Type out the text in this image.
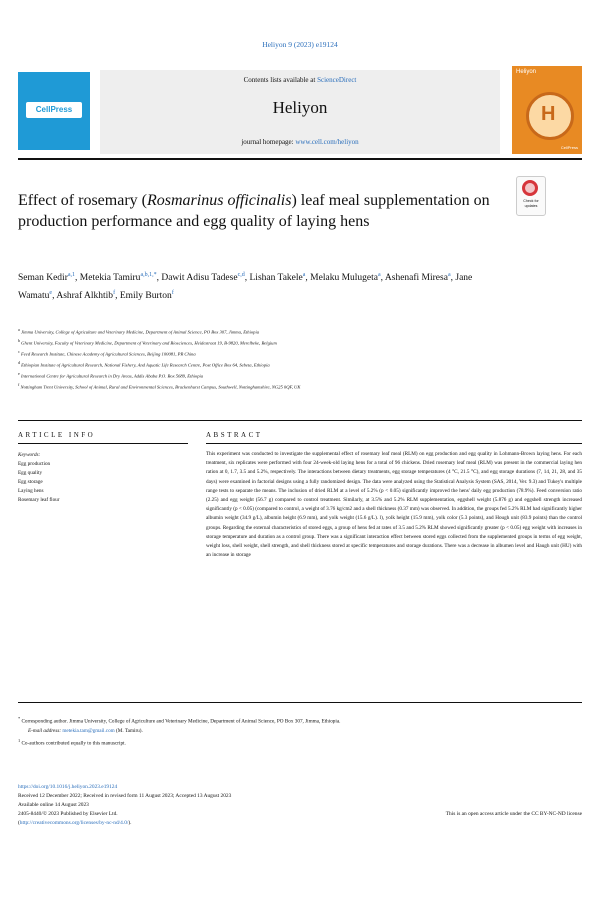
Heliyon 9 (2023) e19124
CellPress
Contents lists available at ScienceDirect
Heliyon
journal homepage: www.cell.com/heliyon
Heliyon
H
CellPress
Effect of rosemary (Rosmarinus officinalis) leaf meal supplementation on production performance and egg quality of laying hens
Check for updates
Seman Kedir$^{a,1}$, Metekia Tamiru$^{a,b,1,*}$, Dawit Adisu Tadese$^{c,d}$, Lishan Takele$^a$, Melaku Mulugeta$^a$, Ashenafi Miresa$^a$, Jane Wamatu$^e$, Ashraf Alkhtib$^f$, Emily Burton$^f$
$^a$ Jimma University, College of Agriculture and Veterinary Medicine, Department of Animal Science, PO Box 307, Jimma, Ethiopia
$^b$ Ghent University, Faculty of Veterinary Medicine, Department of Veterinary and Biosciences, Heidestraat 19, B-9820, Merelbeke, Belgium
$^c$ Feed Research Institute, Chinese Academy of Agricultural Sciences, Beijing 100081, PR China
$^d$ Ethiopian Institute of Agricultural Research, National Fishery, And Aquatic Life Research Centre, Post Office Box 64, Sebeta, Ethiopia
$^e$ International Centre for Agricultural Research in Dry Areas, Addis Ababa P.O. Box 5689, Ethiopia
$^f$ Nottingham Trent University, School of Animal, Rural and Environmental Sciences, Brackenhurst Campus, Southwell, Nottinghamshire, NG25 0QF, UK
ARTICLE INFO	ABSTRACT
Keywords:
Egg production
Egg quality
Egg storage
Laying hens
Rosemary leaf flour
This experiment was conducted to investigate the supplemental effect of rosemary leaf meal (RLM) on egg production and egg quality in Lohmann-Brown laying hens. For each treatment, six replicates were performed with four 24-week-old laying hens for a total of 96 chickens. Dried rosemary leaf meal (RLM) was present in the commercial laying hen ration at 0, 1.7, 3.5 and 5.2%, respectively. The interactions between dietary treatments, egg storage temperatures (4 °C, 21.5 °C), and egg storage durations (7, 14, 21, 28, and 35 days) were examined in factorial designs using a fully randomized design. The data were analyzed using the Statistical Analysis System (SAS, 2014, Ver. 9.3) and Tukey's multiple range tests to separate the means. The inclusion of dried RLM at a level of 5.2% (p < 0.05) significantly improved the hens' daily egg production (78.9%). Feed conversion ratio (2.25) and egg weight (56.7 g) compared to control treatment. Similarly, at 3.5% and 5.2% RLM supplementation, eggshell weight (5.876 g) and eggshell strength increased significantly (p < 0.05) (compared to control, a weight of 3.76 kg/cm2 and a shell thickness (0.37 mm) was observed. In addition, the groups fed 5.2% RLM had significantly higher albumin weight (34.9 g/L), albumin height (6.9 mm), and yolk weight (15.6 g/L). l), yolk height (15.9 mm), yolk color (5.3 points), and Hough unit (83.9 points) than the control groups. Regarding the external characteristics of stored eggs, a group of hens fed at rates of 3.5 and 5.2% RLM showed significantly greater (p < 0.05) egg weight with increases in storage temperature and duration as a control group. There was a significant interaction effect between stored eggs collected from the supplemented groups in terms of egg weight, weight loss, shell weight, shell strength, and shell thickness stored at specific temperatures and storage durations. There was a decrease in albumen level and Haugh unit (HU) with an increase in storage

* Corresponding author. Jimma University, College of Agriculture and Veterinary Medicine, Department of Animal Science, PO Box 307, Jimma, Ethiopia.

E-mail address: metekia.tam@gmail.com (M. Tamiru).

$^1$ Co-authors contributed equally to this manuscript.

https://doi.org/10.1016/j.heliyon.2023.e19124
Received 12 December 2022; Received in revised form 11 August 2023; Accepted 13 August 2023
Available online 14 August 2023
2405-8440/© 2023 Published by Elsevier Ltd.	This is an open access article under the CC BY-NC-ND license
(http://creativecommons.org/licenses/by-nc-nd/4.0/).
